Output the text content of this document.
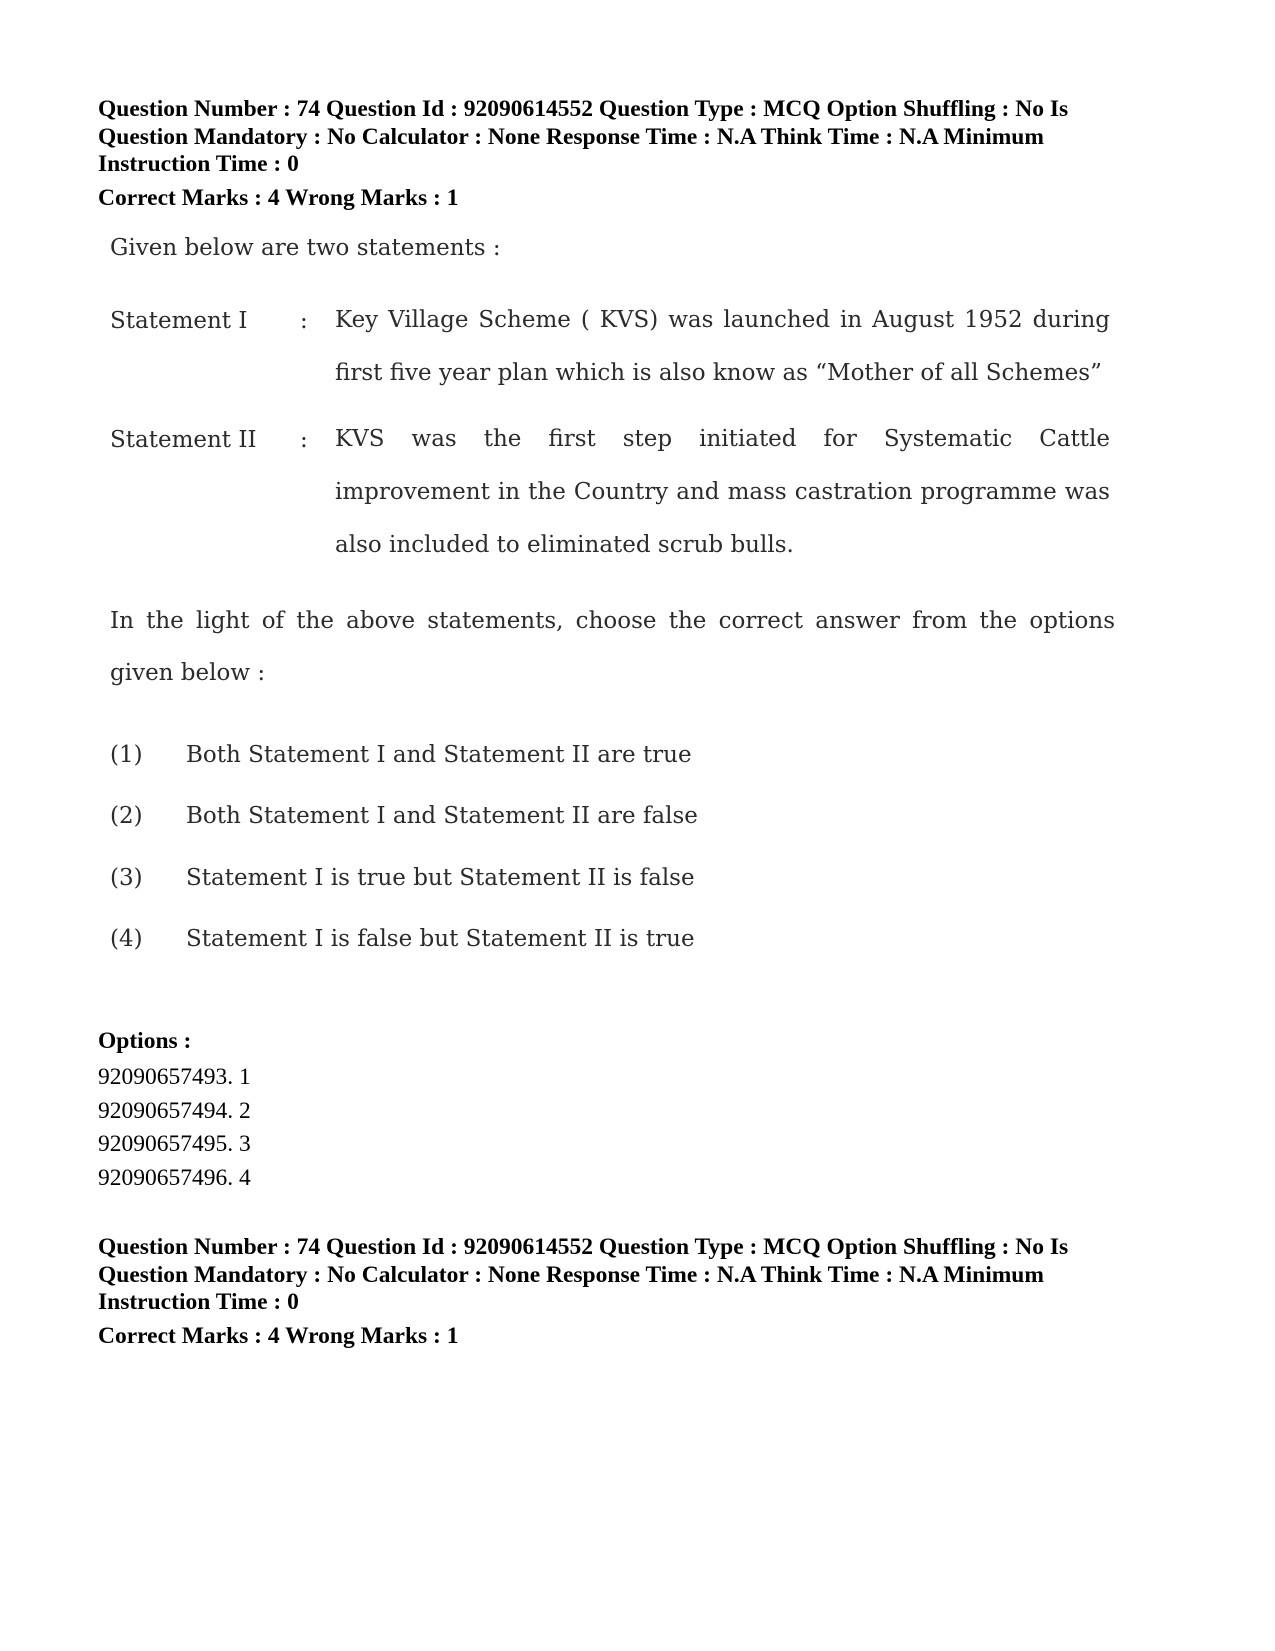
Question Number : 74 Question Id : 92090614552 Question Type : MCQ Option Shuffling : No Is

Question Mandatory : No Calculator : None Response Time : N.A Think Time : N.A Minimum

Instruction Time : 0

Correct Marks : 4 Wrong Marks : 1

Given below are two statements :
Statement I : Key Village Scheme ( KVS) was launched in August 1952 during first five year plan which is also know as “Mother of all Schemes”
Statement II : KVS was the first step initiated for Systematic Cattle improvement in the Country and mass castration programme was also included to eliminated scrub bulls.
In the light of the above statements, choose the correct answer from the options given below :
(1) Both Statement I and Statement II are true
(2) Both Statement I and Statement II are false
(3) Statement I is true but Statement II is false
(4) Statement I is false but Statement II is true

Options :

92090657493. 1

92090657494. 2

92090657495. 3

92090657496. 4

Question Number : 74 Question Id : 92090614552 Question Type : MCQ Option Shuffling : No Is

Question Mandatory : No Calculator : None Response Time : N.A Think Time : N.A Minimum

Instruction Time : 0

Correct Marks : 4 Wrong Marks : 1
